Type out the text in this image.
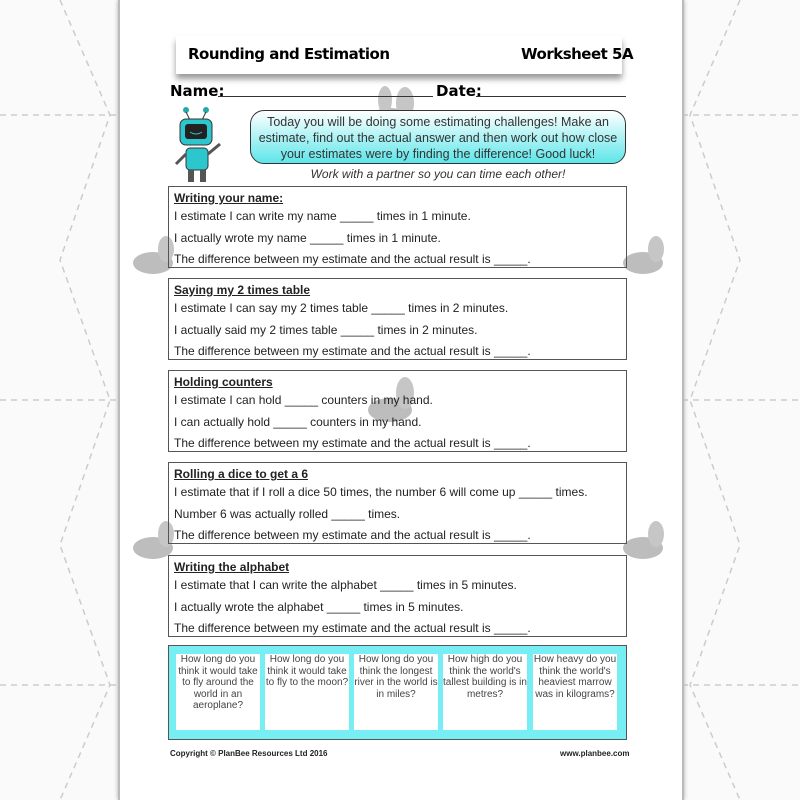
Rounding and Estimation	Worksheet 5A
Name:	Date:
Today you will be doing some estimating challenges! Make an estimate, find out the actual answer and then work out how close your estimates were by finding the difference! Good luck!
Work with a partner so you can time each other!
Writing your name:
I estimate I can write my name _____ times in 1 minute.
I actually wrote my name _____ times in 1 minute.
The difference between my estimate and the actual result is _____.
Saying my 2 times table
I estimate I can say my 2 times table _____ times in 2 minutes.
I actually said my 2 times table _____ times in 2 minutes.
The difference between my estimate and the actual result is _____.
Holding counters
I estimate I can hold _____ counters in my hand.
I can actually hold _____ counters in my hand.
The difference between my estimate and the actual result is _____.
Rolling a dice to get a 6
I estimate that if I roll a dice 50 times, the number 6 will come up _____ times.
Number 6 was actually rolled _____ times.
The difference between my estimate and the actual result is _____.
Writing the alphabet
I estimate that I can write the alphabet _____ times in 5 minutes.
I actually wrote the alphabet _____ times in 5 minutes.
The difference between my estimate and the actual result is _____.
How long do you think it would take to fly around the world in an aeroplane?
How long do you think it would take to fly to the moon?
How long do you think the longest river in the world is in miles?
How high do you think the world's tallest building is in metres?
How heavy do you think the world's heaviest marrow was in kilograms?
Copyright © PlanBee Resources Ltd 2016	www.planbee.com
